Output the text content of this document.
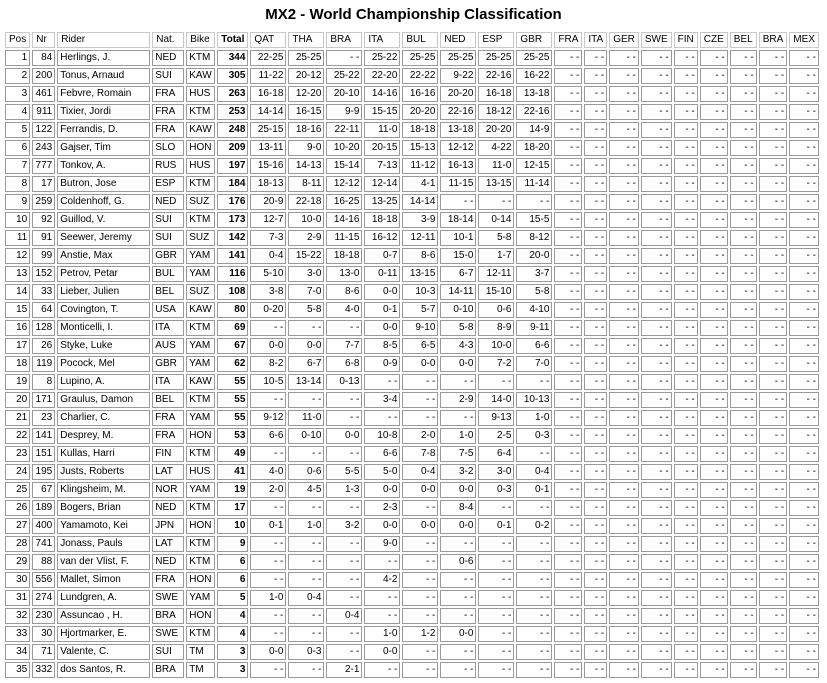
MX2 - World Championship Classification
Pos	Nr	Rider	Nat.	Bike	Total	QAT	THA	BRA	ITA	BUL	NED	ESP	GBR	FRA	ITA	GER	SWE	FIN	CZE	BEL	BRA	MEX
1	84	Herlings, J.	NED	KTM	344	22-25	25-25	- -	25-22	25-25	25-25	25-25	25-25	- -	- -	- -	- -	- -	- -	- -	- -	- -
2	200	Tonus, Arnaud	SUI	KAW	305	11-22	20-12	25-22	22-20	22-22	9-22	22-16	16-22	- -	- -	- -	- -	- -	- -	- -	- -	- -
3	461	Febvre, Romain	FRA	HUS	263	16-18	12-20	20-10	14-16	16-16	20-20	16-18	13-18	- -	- -	- -	- -	- -	- -	- -	- -	- -
4	911	Tixier, Jordi	FRA	KTM	253	14-14	16-15	9-9	15-15	20-20	22-16	18-12	22-16	- -	- -	- -	- -	- -	- -	- -	- -	- -
5	122	Ferrandis, D.	FRA	KAW	248	25-15	18-16	22-11	11-0	18-18	13-18	20-20	14-9	- -	- -	- -	- -	- -	- -	- -	- -	- -
6	243	Gajser, Tim	SLO	HON	209	13-11	9-0	10-20	20-15	15-13	12-12	4-22	18-20	- -	- -	- -	- -	- -	- -	- -	- -	- -
7	777	Tonkov, A.	RUS	HUS	197	15-16	14-13	15-14	7-13	11-12	16-13	11-0	12-15	- -	- -	- -	- -	- -	- -	- -	- -	- -
8	17	Butron, Jose	ESP	KTM	184	18-13	8-11	12-12	12-14	4-1	11-15	13-15	11-14	- -	- -	- -	- -	- -	- -	- -	- -	- -
9	259	Coldenhoff, G.	NED	SUZ	176	20-9	22-18	16-25	13-25	14-14	- -	- -	- -	- -	- -	- -	- -	- -	- -	- -	- -	- -
10	92	Guillod, V.	SUI	KTM	173	12-7	10-0	14-16	18-18	3-9	18-14	0-14	15-5	- -	- -	- -	- -	- -	- -	- -	- -	- -
11	91	Seewer, Jeremy	SUI	SUZ	142	7-3	2-9	11-15	16-12	12-11	10-1	5-8	8-12	- -	- -	- -	- -	- -	- -	- -	- -	- -
12	99	Anstie, Max	GBR	YAM	141	0-4	15-22	18-18	0-7	8-6	15-0	1-7	20-0	- -	- -	- -	- -	- -	- -	- -	- -	- -
13	152	Petrov, Petar	BUL	YAM	116	5-10	3-0	13-0	0-11	13-15	6-7	12-11	3-7	- -	- -	- -	- -	- -	- -	- -	- -	- -
14	33	Lieber, Julien	BEL	SUZ	108	3-8	7-0	8-6	0-0	10-3	14-11	15-10	5-8	- -	- -	- -	- -	- -	- -	- -	- -	- -
15	64	Covington, T.	USA	KAW	80	0-20	5-8	4-0	0-1	5-7	0-10	0-6	4-10	- -	- -	- -	- -	- -	- -	- -	- -	- -
16	128	Monticelli, I.	ITA	KTM	69	- -	- -	- -	0-0	9-10	5-8	8-9	9-11	- -	- -	- -	- -	- -	- -	- -	- -	- -
17	26	Styke, Luke	AUS	YAM	67	0-0	0-0	7-7	8-5	6-5	4-3	10-0	6-6	- -	- -	- -	- -	- -	- -	- -	- -	- -
18	119	Pocock, Mel	GBR	YAM	62	8-2	6-7	6-8	0-9	0-0	0-0	7-2	7-0	- -	- -	- -	- -	- -	- -	- -	- -	- -
19	8	Lupino, A.	ITA	KAW	55	10-5	13-14	0-13	- -	- -	- -	- -	- -	- -	- -	- -	- -	- -	- -	- -	- -	- -
20	171	Graulus, Damon	BEL	KTM	55	- -	- -	- -	3-4	- -	2-9	14-0	10-13	- -	- -	- -	- -	- -	- -	- -	- -	- -
21	23	Charlier, C.	FRA	YAM	55	9-12	11-0	- -	- -	- -	- -	9-13	1-0	- -	- -	- -	- -	- -	- -	- -	- -	- -
22	141	Desprey, M.	FRA	HON	53	6-6	0-10	0-0	10-8	2-0	1-0	2-5	0-3	- -	- -	- -	- -	- -	- -	- -	- -	- -
23	151	Kullas, Harri	FIN	KTM	49	- -	- -	- -	6-6	7-8	7-5	6-4	- -	- -	- -	- -	- -	- -	- -	- -	- -	- -
24	195	Justs, Roberts	LAT	HUS	41	4-0	0-6	5-5	5-0	0-4	3-2	3-0	0-4	- -	- -	- -	- -	- -	- -	- -	- -	- -
25	67	Klingsheim, M.	NOR	YAM	19	2-0	4-5	1-3	0-0	0-0	0-0	0-3	0-1	- -	- -	- -	- -	- -	- -	- -	- -	- -
26	189	Bogers, Brian	NED	KTM	17	- -	- -	- -	2-3	- -	8-4	- -	- -	- -	- -	- -	- -	- -	- -	- -	- -	- -
27	400	Yamamoto, Kei	JPN	HON	10	0-1	1-0	3-2	0-0	0-0	0-0	0-1	0-2	- -	- -	- -	- -	- -	- -	- -	- -	- -
28	741	Jonass, Pauls	LAT	KTM	9	- -	- -	- -	9-0	- -	- -	- -	- -	- -	- -	- -	- -	- -	- -	- -	- -	- -
29	88	van der Vlist, F.	NED	KTM	6	- -	- -	- -	- -	- -	0-6	- -	- -	- -	- -	- -	- -	- -	- -	- -	- -	- -
30	556	Mallet, Simon	FRA	HON	6	- -	- -	- -	4-2	- -	- -	- -	- -	- -	- -	- -	- -	- -	- -	- -	- -	- -
31	274	Lundgren, A.	SWE	YAM	5	1-0	0-4	- -	- -	- -	- -	- -	- -	- -	- -	- -	- -	- -	- -	- -	- -	- -
32	230	Assuncao , H.	BRA	HON	4	- -	- -	0-4	- -	- -	- -	- -	- -	- -	- -	- -	- -	- -	- -	- -	- -	- -
33	30	Hjortmarker, E.	SWE	KTM	4	- -	- -	- -	1-0	1-2	0-0	- -	- -	- -	- -	- -	- -	- -	- -	- -	- -	- -
34	71	Valente, C.	SUI	TM	3	0-0	0-3	- -	0-0	- -	- -	- -	- -	- -	- -	- -	- -	- -	- -	- -	- -	- -
35	332	dos Santos, R.	BRA	TM	3	- -	- -	2-1	- -	- -	- -	- -	- -	- -	- -	- -	- -	- -	- -	- -	- -	- -
